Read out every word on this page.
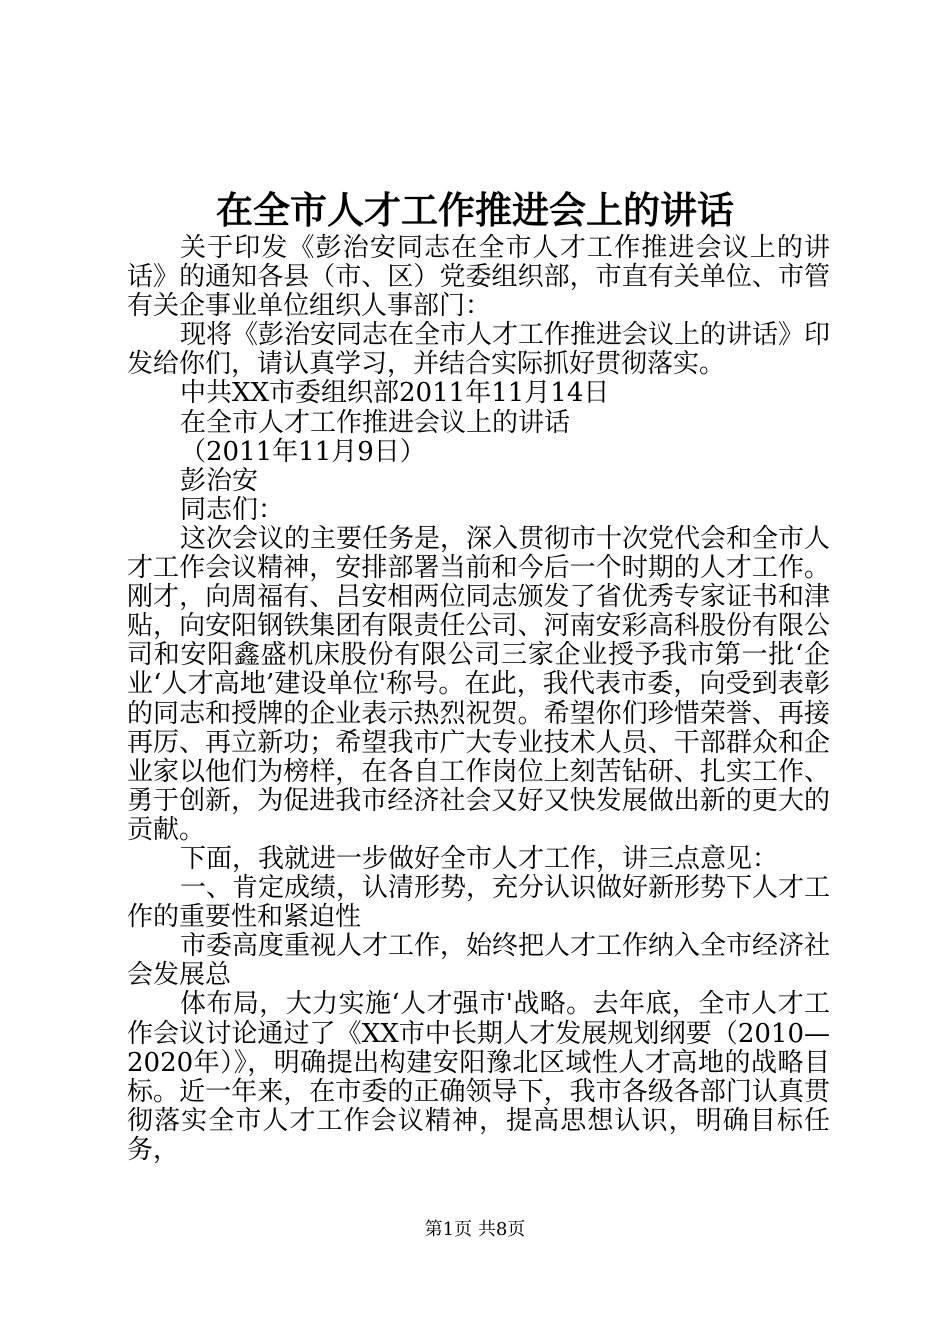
在全市人才工作推进会上的讲话

关于印发《彭治安同志在全市人才工作推进会议上的讲话》的通知各县（市、区）党委组织部，市直有关单位、市管有关企事业单位组织人事部门：

现将《彭治安同志在全市人才工作推进会议上的讲话》印发给你们，请认真学习，并结合实际抓好贯彻落实。

中共XX市委组织部2011年11月14日

在全市人才工作推进会议上的讲话

（2011年11月9日）

彭治安

同志们：

这次会议的主要任务是，深入贯彻市十次党代会和全市人才工作会议精神，安排部署当前和今后一个时期的人才工作。刚才，向周福有、吕安相两位同志颁发了省优秀专家证书和津贴，向安阳钢铁集团有限责任公司、河南安彩高科股份有限公司和安阳鑫盛机床股份有限公司三家企业授予我市第一批‘企业‘人才高地’建设单位'称号。在此，我代表市委，向受到表彰的同志和授牌的企业表示热烈祝贺。希望你们珍惜荣誉、再接再厉、再立新功；希望我市广大专业技术人员、干部群众和企业家以他们为榜样，在各自工作岗位上刻苦钻研、扎实工作、勇于创新，为促进我市经济社会又好又快发展做出新的更大的贡献。

下面，我就进一步做好全市人才工作，讲三点意见：

一、肯定成绩，认清形势，充分认识做好新形势下人才工作的重要性和紧迫性

市委高度重视人才工作，始终把人才工作纳入全市经济社会发展总

体布局，大力实施‘人才强市'战略。去年底，全市人才工作会议讨论通过了《XX市中长期人才发展规划纲要（2010—2020年）》，明确提出构建安阳豫北区域性人才高地的战略目标。近一年来，在市委的正确领导下，我市各级各部门认真贯彻落实全市人才工作会议精神，提高思想认识，明确目标任务，

第1页 共8页
